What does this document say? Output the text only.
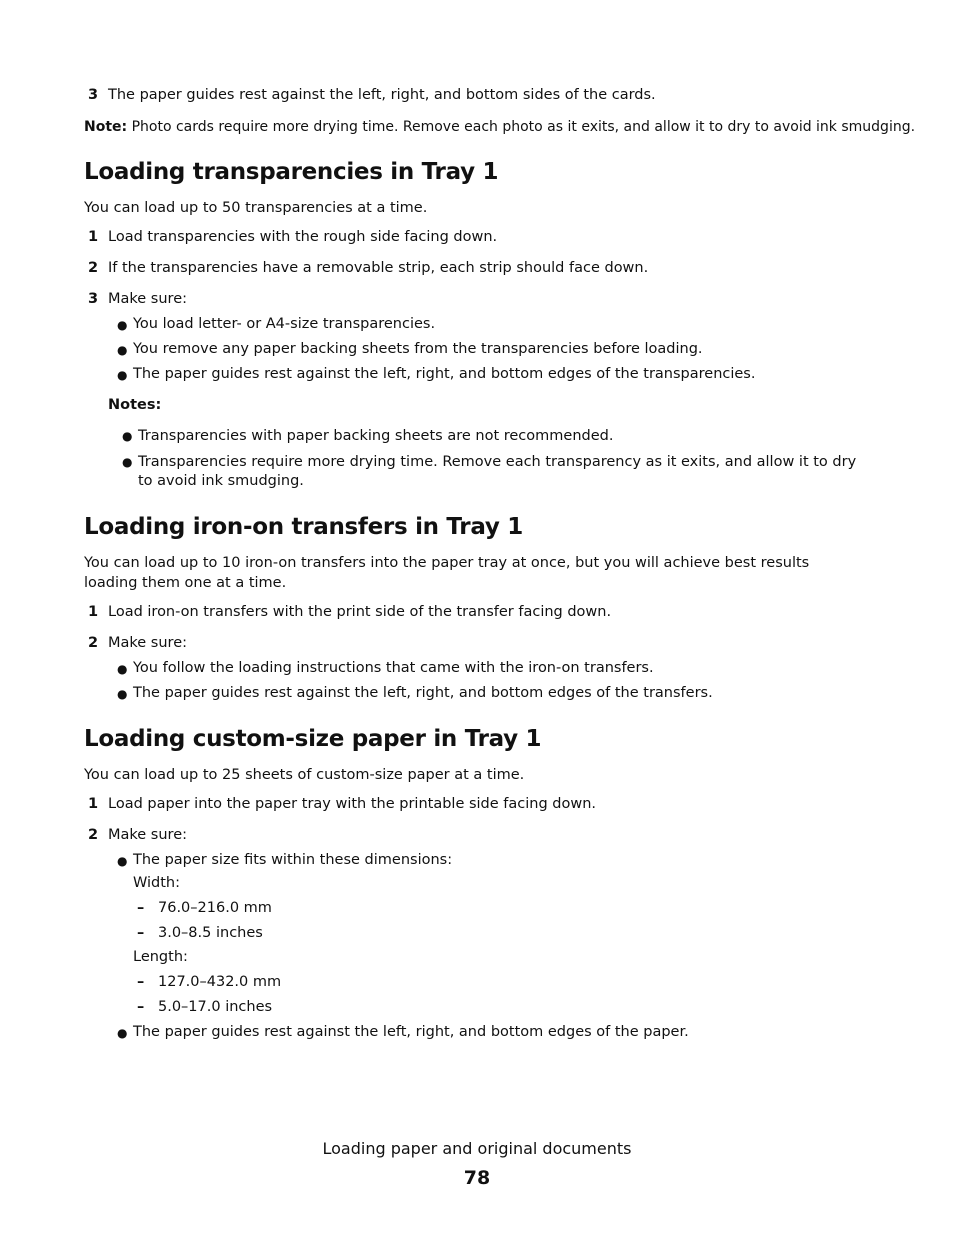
3 The paper guides rest against the left, right, and bottom sides of the cards.
Note: Photo cards require more drying time. Remove each photo as it exits, and allow it to dry to avoid ink smudging.
Loading transparencies in Tray 1
You can load up to 50 transparencies at a time.
1 Load transparencies with the rough side facing down.
2 If the transparencies have a removable strip, each strip should face down.
3 Make sure:
● You load letter- or A4-size transparencies.
● You remove any paper backing sheets from the transparencies before loading.
● The paper guides rest against the left, right, and bottom edges of the transparencies.
Notes:
● Transparencies with paper backing sheets are not recommended.
● Transparencies require more drying time. Remove each transparency as it exits, and allow it to dry to avoid ink smudging.
Loading iron-on transfers in Tray 1
You can load up to 10 iron-on transfers into the paper tray at once, but you will achieve best results loading them one at a time.
1 Load iron-on transfers with the print side of the transfer facing down.
2 Make sure:
● You follow the loading instructions that came with the iron-on transfers.
● The paper guides rest against the left, right, and bottom edges of the transfers.
Loading custom-size paper in Tray 1
You can load up to 25 sheets of custom-size paper at a time.
1 Load paper into the paper tray with the printable side facing down.
2 Make sure:
● The paper size fits within these dimensions:
Width:
– 76.0–216.0 mm
– 3.0–8.5 inches
Length:
– 127.0–432.0 mm
– 5.0–17.0 inches
● The paper guides rest against the left, right, and bottom edges of the paper.
Loading paper and original documents
78
